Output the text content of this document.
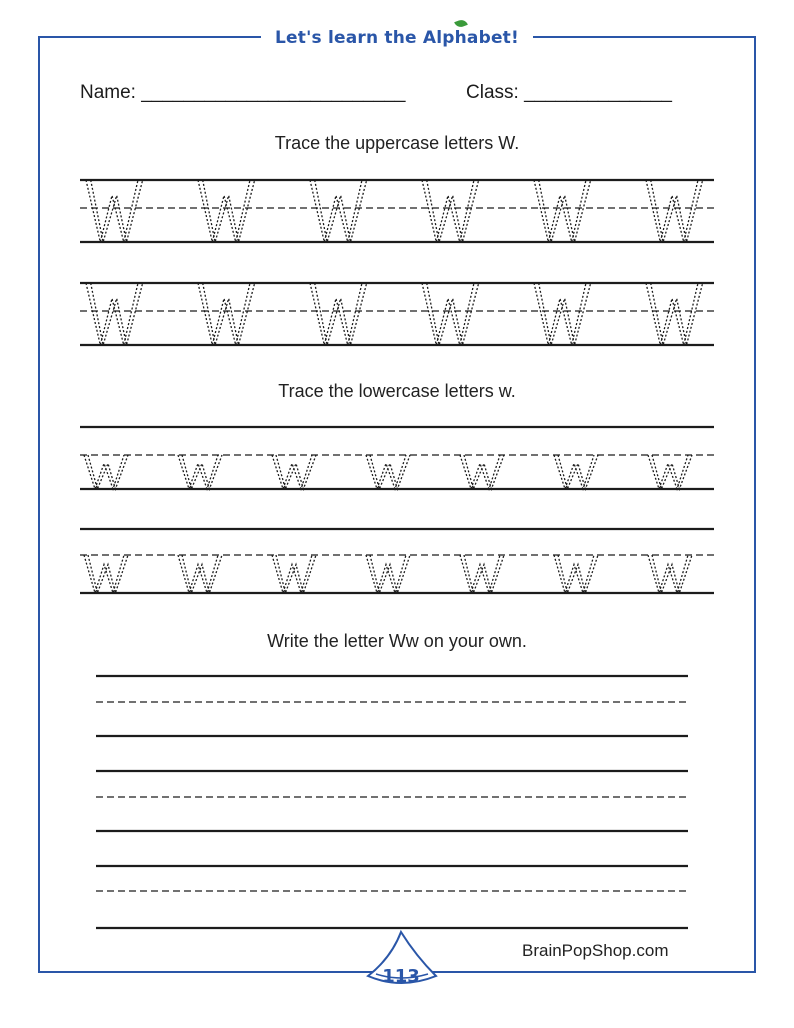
Let's learn the Alphabet!
Name: _________________________	Class: ______________
Trace the uppercase letters W.
Trace the lowercase letters w.
Write the letter Ww on your own.
BrainPopShop.com
113
